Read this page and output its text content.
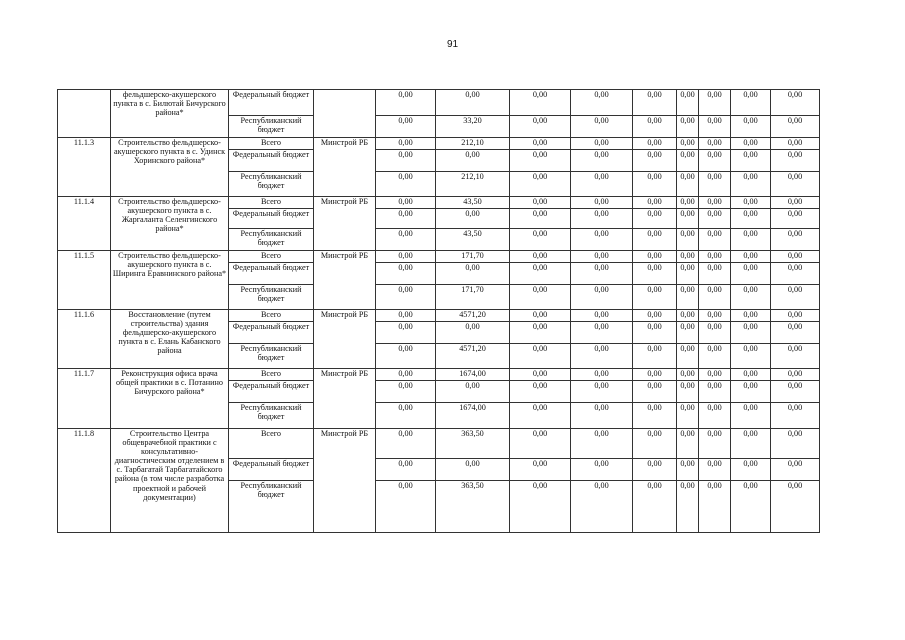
91
	фельдшерско-акушерского пункта в с. Билютай Бичурского района*	Федеральный бюджет		0,00	0,00	0,00	0,00	0,00	0,00	0,00	0,00	0,00
		Республиканский бюджет		0,00	33,20	0,00	0,00	0,00	0,00	0,00	0,00	0,00
11.1.3	Строительство фельдшерско-акушерского пункта в с. Удинск Хоринского района*	Всего	Минстрой РБ	0,00	212,10	0,00	0,00	0,00	0,00	0,00	0,00	0,00
		Федеральный бюджет		0,00	0,00	0,00	0,00	0,00	0,00	0,00	0,00	0,00
		Республиканский бюджет		0,00	212,10	0,00	0,00	0,00	0,00	0,00	0,00	0,00
11.1.4	Строительство фельдшерско-акушерского пункта в с. Жаргаланта Селенгинского района*	Всего	Минстрой РБ	0,00	43,50	0,00	0,00	0,00	0,00	0,00	0,00	0,00
		Федеральный бюджет		0,00	0,00	0,00	0,00	0,00	0,00	0,00	0,00	0,00
		Республиканский бюджет		0,00	43,50	0,00	0,00	0,00	0,00	0,00	0,00	0,00
11.1.5	Строительство фельдшерско-акушерского пункта в с. Ширинга Еравнинского района*	Всего	Минстрой РБ	0,00	171,70	0,00	0,00	0,00	0,00	0,00	0,00	0,00
		Федеральный бюджет		0,00	0,00	0,00	0,00	0,00	0,00	0,00	0,00	0,00
		Республиканский бюджет		0,00	171,70	0,00	0,00	0,00	0,00	0,00	0,00	0,00
11.1.6	Восстановление (путем строительства) здания фельдшерско-акушерского пункта в с. Елань Кабанского района	Всего	Минстрой РБ	0,00	4571,20	0,00	0,00	0,00	0,00	0,00	0,00	0,00
		Федеральный бюджет		0,00	0,00	0,00	0,00	0,00	0,00	0,00	0,00	0,00
		Республиканский бюджет		0,00	4571,20	0,00	0,00	0,00	0,00	0,00	0,00	0,00
11.1.7	Реконструкция офиса врача общей практики в с. Потанино Бичурского района*	Всего	Минстрой РБ	0,00	1674,00	0,00	0,00	0,00	0,00	0,00	0,00	0,00
		Федеральный бюджет		0,00	0,00	0,00	0,00	0,00	0,00	0,00	0,00	0,00
		Республиканский бюджет		0,00	1674,00	0,00	0,00	0,00	0,00	0,00	0,00	0,00
11.1.8	Строительство Центра общеврачебной практики с консультативно-диагностическим отделением в с. Тарбагатай Тарбагатайского района (в том числе разработка проектной и рабочей документации)	Всего	Минстрой РБ	0,00	363,50	0,00	0,00	0,00	0,00	0,00	0,00	0,00
		Федеральный бюджет		0,00	0,00	0,00	0,00	0,00	0,00	0,00	0,00	0,00
		Республиканский бюджет		0,00	363,50	0,00	0,00	0,00	0,00	0,00	0,00	0,00
